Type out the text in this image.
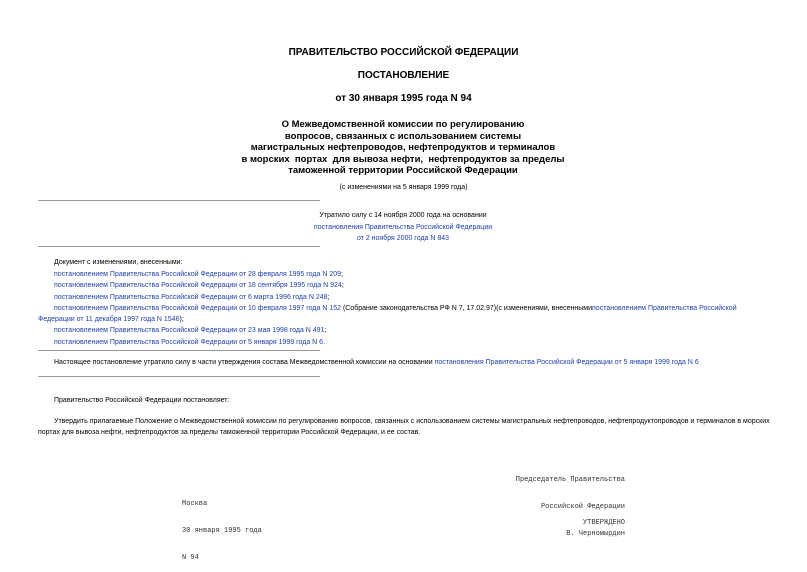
ПРАВИТЕЛЬСТВО РОССИЙСКОЙ ФЕДЕРАЦИИ
ПОСТАНОВЛЕНИЕ
от 30 января 1995 года N 94
О Межведомственной комиссии по регулированию
вопросов, связанных с использованием системы
магистральных нефтепроводов, нефтепродуктов и терминалов
в морских  портах  для вывоза нефти,  нефтепродуктов за пределы
таможенной территории Российской Федерации
(с изменениями на 5 января 1999 года)
Утратило силу с 14 ноября 2000 года на основании
постановления Правительства Российской Федерации
от 2 ноября 2000 года N 843
Документ с изменениями, внесенными:
постановлением Правительства Российской Федерации от 28 февраля 1995 года N 209;
постановлением Правительства Российской Федерации от 18 сентября 1995 года N 924;
постановлением Правительства Российской Федерации от 6 марта 1996 года N 248;
постановлением Правительства Российской Федерации от 10 февраля 1997 года N 152 (Собрание законодательства РФ N 7, 17.02.97)(с изменениями, внесеннымипостановлением Правительства Российской Федерации от 11 декабря 1997 года N 1546);
постановлением Правительства Российской Федерации от 23 мая 1998 года N 491;
постановлением Правительства Российской Федерации от 5 января 1999 года N 6.
Настоящее постановление утратило силу в части утверждения состава Межведомственной комиссии на основании постановления Правительства Российской Федерации от 5 января 1999 года N 6
Правительство Российской Федерации постановляет:
Утвердить прилагаемые Положение о Межведомственной комиссии по регулированию вопросов, связанных с использованием системы магистральных нефтепроводов, нефтепродуктопроводов и терминалов в морских портах для вывоза нефти, нефтепродуктов за пределы таможенной территории Российской Федерации, и ее состав.

Председатель Правительства

Российской Федерации

В. Черномырдин

Москва

30 января 1995 года

N 94

УТВЕРЖДЕНО
